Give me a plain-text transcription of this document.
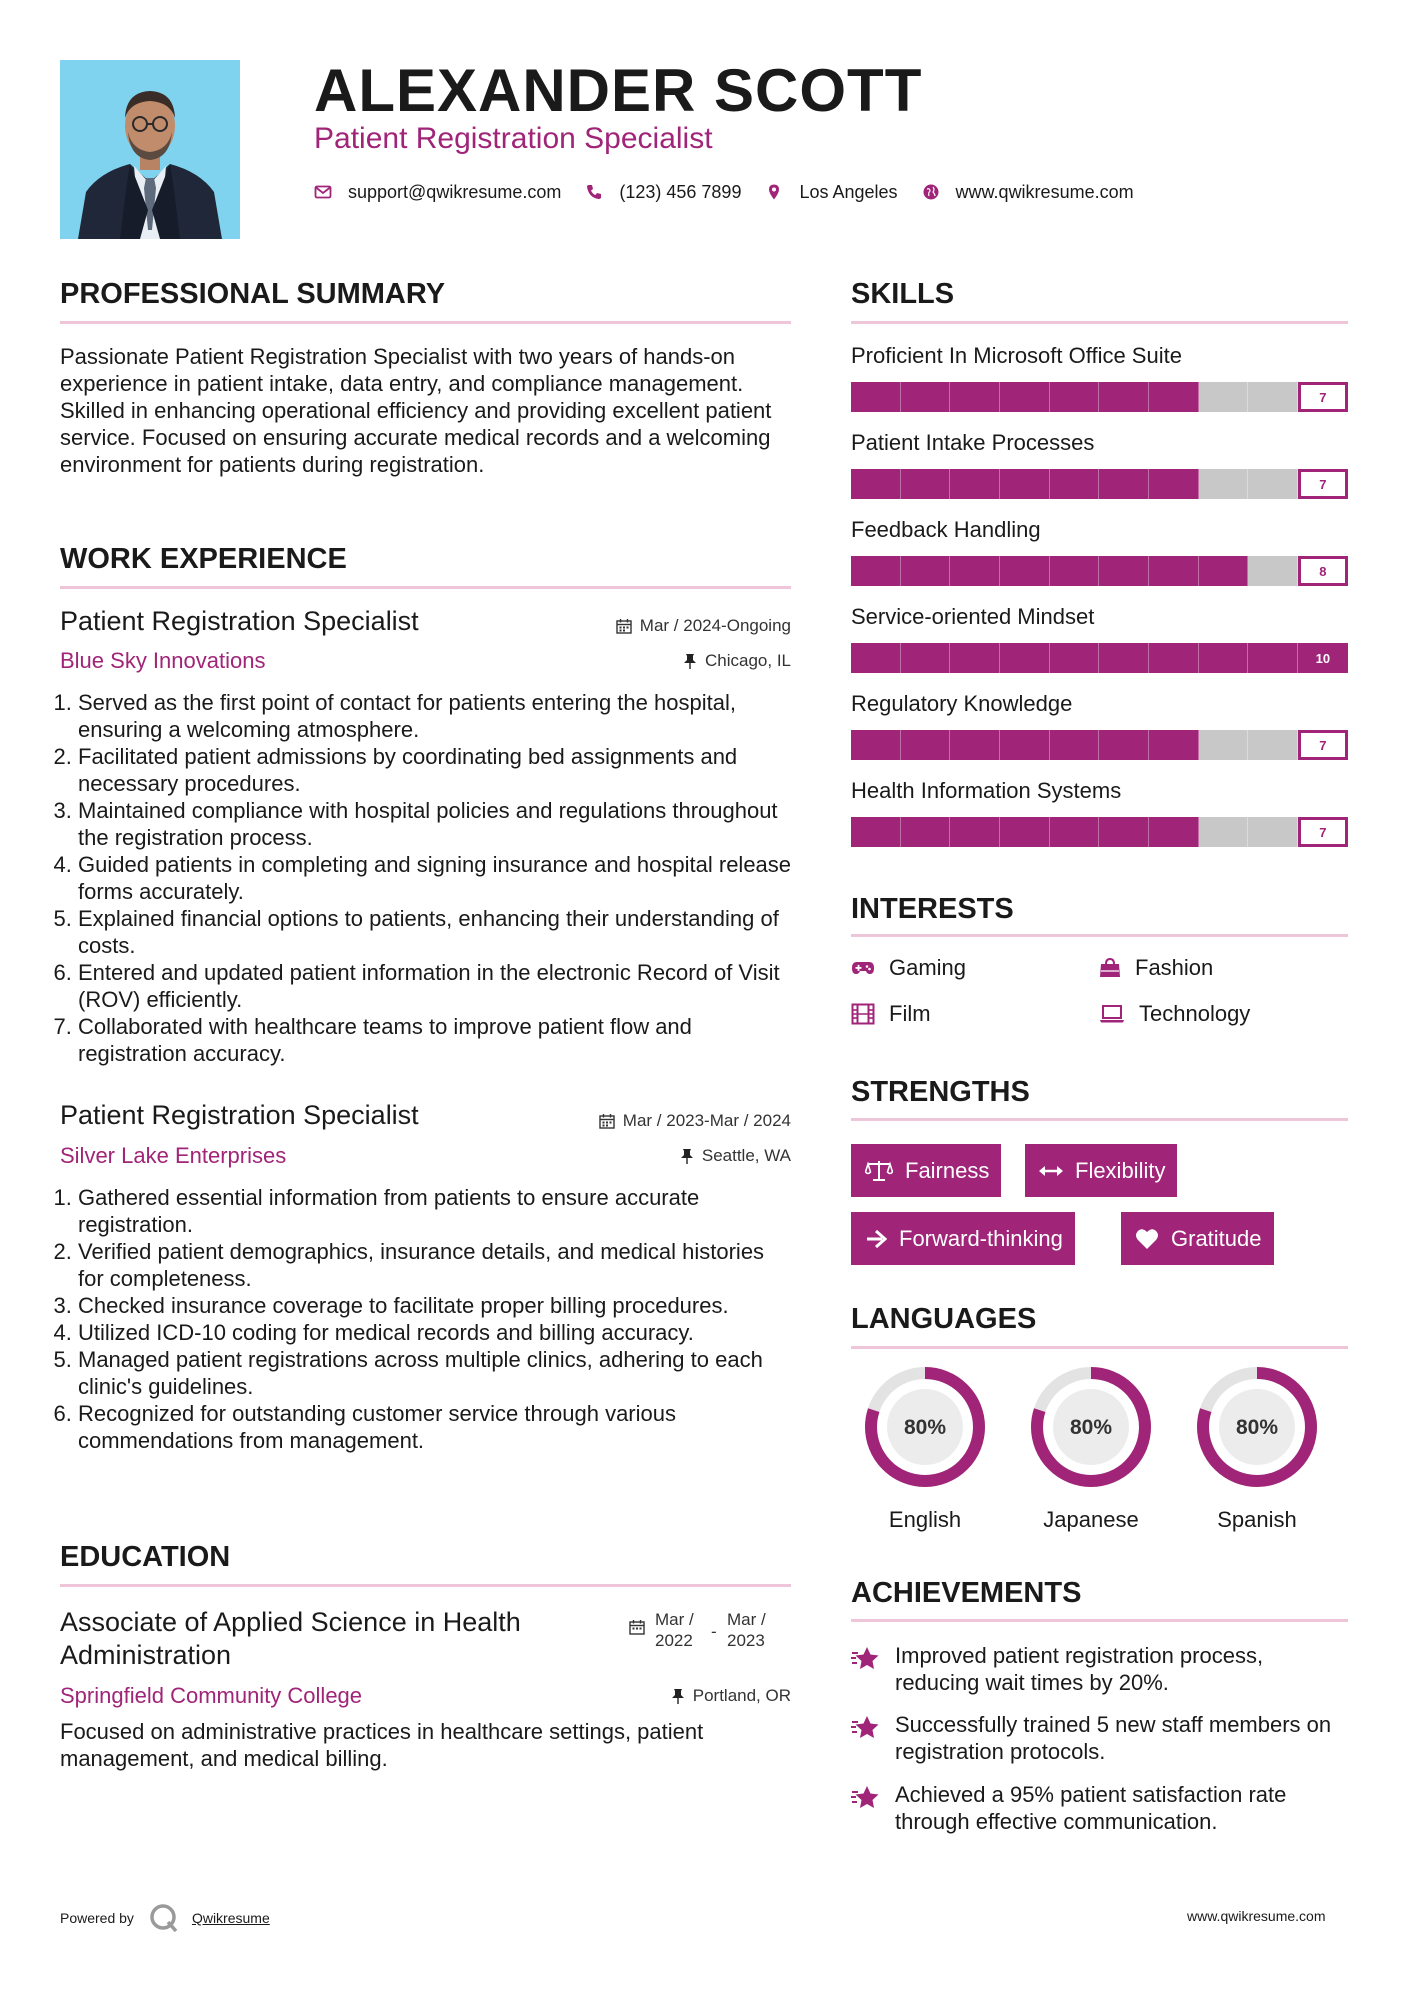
ALEXANDER SCOTT
Patient Registration Specialist
support@qwikresume.com	(123) 456 7899	Los Angeles	www.qwikresume.com
PROFESSIONAL SUMMARY
Passionate Patient Registration Specialist with two years of hands-on experience in patient intake, data entry, and compliance management. Skilled in enhancing operational efficiency and providing excellent patient service. Focused on ensuring accurate medical records and a welcoming environment for patients during registration.
WORK EXPERIENCE
Patient Registration Specialist	Mar / 2024-Ongoing
Blue Sky Innovations	Chicago, IL
1. Served as the first point of contact for patients entering the hospital, ensuring a welcoming atmosphere.
2. Facilitated patient admissions by coordinating bed assignments and necessary procedures.
3. Maintained compliance with hospital policies and regulations throughout the registration process.
4. Guided patients in completing and signing insurance and hospital release forms accurately.
5. Explained financial options to patients, enhancing their understanding of costs.
6. Entered and updated patient information in the electronic Record of Visit (ROV) efficiently.
7. Collaborated with healthcare teams to improve patient flow and registration accuracy.
Patient Registration Specialist	Mar / 2023-Mar / 2024
Silver Lake Enterprises	Seattle, WA
1. Gathered essential information from patients to ensure accurate registration.
2. Verified patient demographics, insurance details, and medical histories for completeness.
3. Checked insurance coverage to facilitate proper billing procedures.
4. Utilized ICD-10 coding for medical records and billing accuracy.
5. Managed patient registrations across multiple clinics, adhering to each clinic's guidelines.
6. Recognized for outstanding customer service through various commendations from management.
EDUCATION
Associate of Applied Science in Health Administration
Mar / 2022	-
Mar / 2023
Springfield Community College	Portland, OR
Focused on administrative practices in healthcare settings, patient management, and medical billing.
SKILLS
Proficient In Microsoft Office Suite
7
Patient Intake Processes
7
Feedback Handling
8
Service-oriented Mindset
10
Regulatory Knowledge
7
Health Information Systems
7
INTERESTS
Gaming	Fashion
Film	Technology
STRENGTHS
Fairness	Flexibility
Forward-thinking	Gratitude
LANGUAGES
80%
English
80%
Japanese
80%
Spanish
ACHIEVEMENTS
Improved patient registration process, reducing wait times by 20%.
Successfully trained 5 new staff members on registration protocols.
Achieved a 95% patient satisfaction rate through effective communication.
Powered by	Qwikresume	www.qwikresume.com
